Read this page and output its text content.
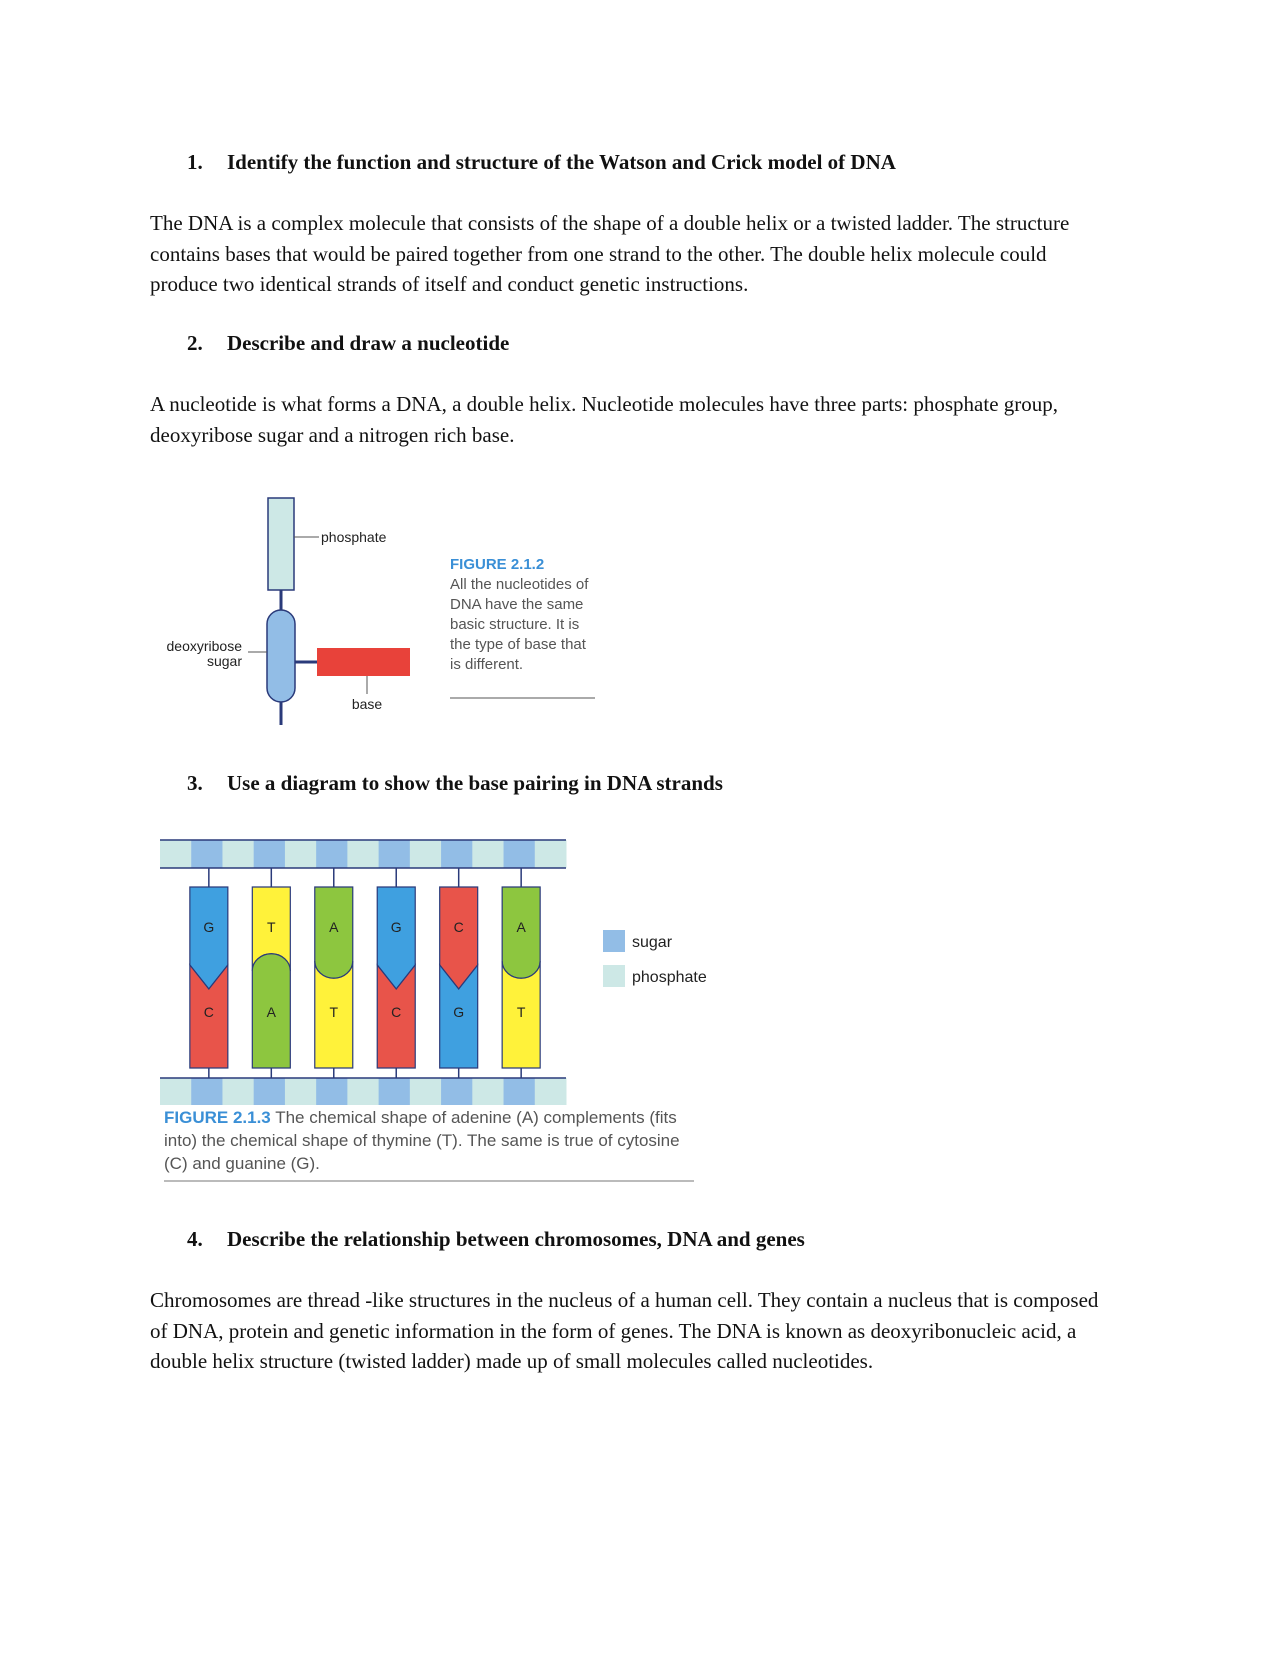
1. Identify the function and structure of the Watson and Crick model of DNA
The DNA is a complex molecule that consists of the shape of a double helix or a twisted ladder. The structure contains bases that would be paired together from one strand to the other. The double helix molecule could produce two identical strands of itself and conduct genetic instructions.
2. Describe and draw a nucleotide
A nucleotide is what forms a DNA, a double helix. Nucleotide molecules have three parts: phosphate group, deoxyribose sugar and a nitrogen rich base.
phosphate
deoxyribose
sugar
base
FIGURE 2.1.2
All the nucleotides of DNA have the same basic structure. It is the type of base that is different.
3. Use a diagram to show the base pairing in DNA strands
G
C
T
A
A
T
G
C
C
G
A
T
sugar
phosphate
FIGURE 2.1.3 The chemical shape of adenine (A) complements (fits into) the chemical shape of thymine (T). The same is true of cytosine (C) and guanine (G).
4. Describe the relationship between chromosomes, DNA and genes
Chromosomes are thread -like structures in the nucleus of a human cell. They contain a nucleus that is composed of DNA, protein and genetic information in the form of genes. The DNA is known as deoxyribonucleic acid, a double helix structure (twisted ladder) made up of small molecules called nucleotides.
